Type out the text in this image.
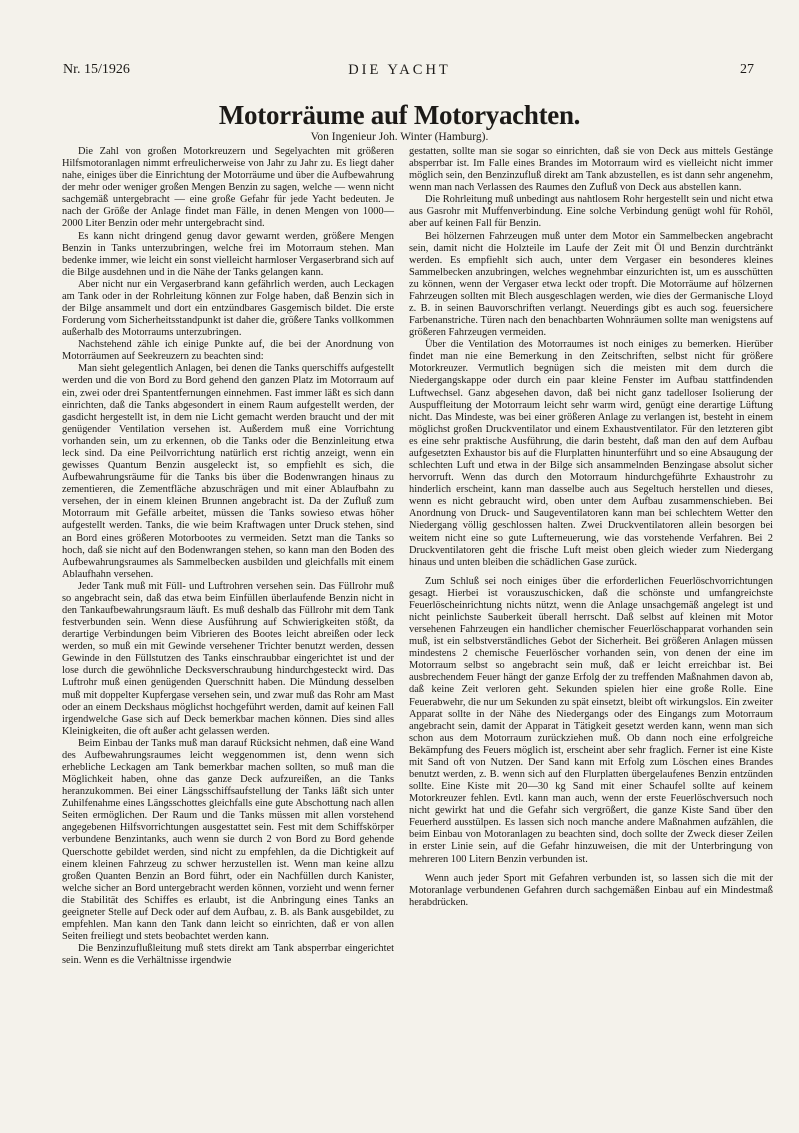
Nr. 15/1926	DIE YACHT	27
Motorräume auf Motoryachten.
Von Ingenieur Joh. Winter (Hamburg).

Die Zahl von großen Motorkreuzern und Segelyachten mit größeren Hilfsmotoranlagen nimmt erfreulicherweise von Jahr zu Jahr zu. Es liegt daher nahe, einiges über die Einrichtung der Motorräume und über die Aufbewahrung der mehr oder weniger großen Mengen Benzin zu sagen, welche — wenn nicht sachgemäß untergebracht — eine große Gefahr für jede Yacht bedeuten. Je nach der Größe der Anlage findet man Fälle, in denen Mengen von 1000—2000 Liter Benzin oder mehr untergebracht sind.

Es kann nicht dringend genug davor gewarnt werden, größere Mengen Benzin in Tanks unterzubringen, welche frei im Motorraum stehen. Man bedenke immer, wie leicht ein sonst vielleicht harmloser Vergaserbrand sich auf die Bilge ausdehnen und in die Nähe der Tanks gelangen kann.

Aber nicht nur ein Vergaserbrand kann gefährlich werden, auch Leckagen am Tank oder in der Rohrleitung können zur Folge haben, daß Benzin sich in der Bilge ansammelt und dort ein entzündbares Gasgemisch bildet. Die erste Forderung vom Sicherheitsstandpunkt ist daher die, größere Tanks vollkommen außerhalb des Motorraums unterzubringen.

Nachstehend zähle ich einige Punkte auf, die bei der Anordnung von Motorräumen auf Seekreuzern zu beachten sind:

Man sieht gelegentlich Anlagen, bei denen die Tanks querschiffs aufgestellt werden und die von Bord zu Bord gehend den ganzen Platz im Motorraum auf ein, zwei oder drei Spantentfernungen einnehmen. Fast immer läßt es sich dann einrichten, daß die Tanks abgesondert in einem Raum aufgestellt werden, der gasdicht hergestellt ist, in dem nie Licht gemacht werden braucht und der mit genügender Ventilation versehen ist. Außerdem muß eine Vorrichtung vorhanden sein, um zu erkennen, ob die Tanks oder die Benzinleitung etwa leck sind. Da eine Peilvorrichtung natürlich erst richtig anzeigt, wenn ein gewisses Quantum Benzin ausgeleckt ist, so empfiehlt es sich, die Aufbewahrungsräume für die Tanks bis über die Bodenwrangen hinaus zu zementieren, die Zementfläche abzuschrägen und mit einer Ablaufbahn zu versehen, der in einem kleinen Brunnen angebracht ist. Da der Zufluß zum Motorraum mit Gefälle arbeitet, müssen die Tanks sowieso etwas höher aufgestellt werden. Tanks, die wie beim Kraftwagen unter Druck stehen, sind an Bord eines größeren Motorbootes zu vermeiden. Setzt man die Tanks so hoch, daß sie nicht auf den Bodenwrangen stehen, so kann man den Boden des Aufbewahrungsraumes als Sammelbecken ausbilden und gleichfalls mit einem Ablaufhahn versehen.

Jeder Tank muß mit Füll- und Luftrohren versehen sein. Das Füllrohr muß so angebracht sein, daß das etwa beim Einfüllen überlaufende Benzin nicht in den Tankaufbewahrungsraum läuft. Es muß deshalb das Füllrohr mit dem Tank festverbunden sein. Wenn diese Ausführung auf Schwierigkeiten stößt, da derartige Verbindungen beim Vibrieren des Bootes leicht abreißen oder leck werden, so muß ein mit Gewinde versehener Trichter benutzt werden, dessen Gewinde in den Füllstutzen des Tanks einschraubbar eingerichtet ist und der lose durch die gewöhnliche Decksverschraubung hindurchgesteckt wird. Das Luftrohr muß einen genügenden Querschnitt haben. Die Mündung desselben muß mit doppelter Kupfergase versehen sein, und zwar muß das Rohr am Mast oder an einem Deckshaus möglichst hochgeführt werden, damit auf keinen Fall irgendwelche Gase sich auf Deck bemerkbar machen können. Dies sind alles Kleinigkeiten, die oft außer acht gelassen werden.

Beim Einbau der Tanks muß man darauf Rücksicht nehmen, daß eine Wand des Aufbewahrungsraumes leicht weggenommen ist, denn wenn sich erhebliche Leckagen am Tank bemerkbar machen sollten, so muß man die Möglichkeit haben, ohne das ganze Deck aufzureißen, an die Tanks heranzukommen. Bei einer Längsschiffsaufstellung der Tanks läßt sich unter Zuhilfenahme eines Längsschottes gleichfalls eine gute Abschottung nach allen Seiten ermöglichen. Der Raum und die Tanks müssen mit allen vorstehend angegebenen Hilfsvorrichtungen ausgestattet sein. Fest mit dem Schiffskörper verbundene Benzintanks, auch wenn sie durch 2 von Bord zu Bord gehende Querschotte gebildet werden, sind nicht zu empfehlen, da die Dichtigkeit auf einem kleinen Fahrzeug zu schwer herzustellen ist. Wenn man keine allzu großen Quanten Benzin an Bord führt, oder ein Nachfüllen durch Kanister, welche sicher an Bord untergebracht werden können, vorzieht und wenn ferner die Stabilität des Schiffes es erlaubt, ist die Anbringung eines Tanks an geeigneter Stelle auf Deck oder auf dem Aufbau, z. B. als Bank ausgebildet, zu empfehlen. Man kann den Tank dann leicht so einrichten, daß er von allen Seiten freiliegt und stets beobachtet werden kann.

Die Benzinzuflußleitung muß stets direkt am Tank absperrbar eingerichtet sein. Wenn es die Verhältnisse irgendwie

gestatten, sollte man sie sogar so einrichten, daß sie von Deck aus mittels Gestänge absperrbar ist. Im Falle eines Brandes im Motorraum wird es vielleicht nicht immer möglich sein, den Benzinzufluß direkt am Tank abzustellen, es ist dann sehr angenehm, wenn man nach Verlassen des Raumes den Zufluß von Deck aus abstellen kann.

Die Rohrleitung muß unbedingt aus nahtlosem Rohr hergestellt sein und nicht etwa aus Gasrohr mit Muffenverbindung. Eine solche Verbindung genügt wohl für Rohöl, aber auf keinen Fall für Benzin.

Bei hölzernen Fahrzeugen muß unter dem Motor ein Sammelbecken angebracht sein, damit nicht die Holzteile im Laufe der Zeit mit Öl und Benzin durchtränkt werden. Es empfiehlt sich auch, unter dem Vergaser ein besonderes kleines Sammelbecken anzubringen, welches wegnehmbar einzurichten ist, um es ausschütten zu können, wenn der Vergaser etwa leckt oder tropft. Die Motorräume auf hölzernen Fahrzeugen sollten mit Blech ausgeschlagen werden, wie dies der Germanische Lloyd z. B. in seinen Bauvorschriften verlangt. Neuerdings gibt es auch sog. feuersichere Farbenanstriche. Türen nach den benachbarten Wohnräumen sollte man wenigstens auf größeren Fahrzeugen vermeiden.

Über die Ventilation des Motorraumes ist noch einiges zu bemerken. Hierüber findet man nie eine Bemerkung in den Zeitschriften, selbst nicht für größere Motorkreuzer. Vermutlich begnügen sich die meisten mit dem durch die Niedergangskappe oder durch ein paar kleine Fenster im Aufbau stattfindenden Luftwechsel. Ganz abgesehen davon, daß bei nicht ganz tadelloser Isolierung der Auspuffleitung der Motorraum leicht sehr warm wird, genügt eine derartige Lüftung nicht. Das Mindeste, was bei einer größeren Anlage zu verlangen ist, besteht in einem möglichst großen Druckventilator und einem Exhaustventilator. Für den letzteren gibt es eine sehr praktische Ausführung, die darin besteht, daß man den auf dem Aufbau aufgesetzten Exhaustor bis auf die Flurplatten hinunterführt und so eine Absaugung der schlechten Luft und etwa in der Bilge sich ansammelnden Benzingase absolut sicher hervorruft. Wenn das durch den Motorraum hindurchgeführte Exhaustrohr zu hinderlich erscheint, kann man dasselbe auch aus Segeltuch herstellen und dieses, wenn es nicht gebraucht wird, oben unter dem Aufbau zusammenschieben. Bei Anordnung von Druck- und Saugeventilatoren kann man bei schlechtem Wetter den Niedergang völlig geschlossen halten. Zwei Druckventilatoren allein besorgen bei weitem nicht eine so gute Lufterneuerung, wie das vorstehende Verfahren. Bei 2 Druckventilatoren geht die frische Luft meist oben gleich wieder zum Niedergang hinaus und unten bleiben die schädlichen Gase zurück.

Zum Schluß sei noch einiges über die erforderlichen Feuerlöschvorrichtungen gesagt. Hierbei ist vorauszuschicken, daß die schönste und umfangreichste Feuerlöscheinrichtung nichts nützt, wenn die Anlage unsachgemäß angelegt ist und nicht peinlichste Sauberkeit überall herrscht. Daß selbst auf kleinen mit Motor versehenen Fahrzeugen ein handlicher chemischer Feuerlöschapparat vorhanden sein muß, ist ein selbstverständliches Gebot der Sicherheit. Bei größeren Anlagen müssen mindestens 2 chemische Feuerlöscher vorhanden sein, von denen der eine im Motorraum selbst so angebracht sein muß, daß er leicht erreichbar ist. Bei ausbrechendem Feuer hängt der ganze Erfolg der zu treffenden Maßnahmen davon ab, daß keine Zeit verloren geht. Sekunden spielen hier eine große Rolle. Eine Feuerabwehr, die nur um Sekunden zu spät einsetzt, bleibt oft wirkungslos. Ein zweiter Apparat sollte in der Nähe des Niedergangs oder des Eingangs zum Motorraum angebracht sein, damit der Apparat in Tätigkeit gesetzt werden kann, wenn man sich schon aus dem Motorraum zurückziehen muß. Ob dann noch eine erfolgreiche Bekämpfung des Feuers möglich ist, erscheint aber sehr fraglich. Ferner ist eine Kiste mit Sand oft von Nutzen. Der Sand kann mit Erfolg zum Löschen eines Brandes benutzt werden, z. B. wenn sich auf den Flurplatten übergelaufenes Benzin entzünden sollte. Eine Kiste mit 20—30 kg Sand mit einer Schaufel sollte auf keinem Motorkreuzer fehlen. Evtl. kann man auch, wenn der erste Feuerlöschversuch noch nicht gewirkt hat und die Gefahr sich vergrößert, die ganze Kiste Sand über den Feuerherd ausstülpen. Es lassen sich noch manche andere Maßnahmen aufzählen, die beim Einbau von Motoranlagen zu beachten sind, doch sollte der Zweck dieser Zeilen in erster Linie sein, auf die Gefahr hinzuweisen, die mit der Unterbringung von mehreren 100 Litern Benzin verbunden ist.

Wenn auch jeder Sport mit Gefahren verbunden ist, so lassen sich die mit der Motoranlage verbundenen Gefahren durch sachgemäßen Einbau auf ein Mindestmaß herabdrücken.
